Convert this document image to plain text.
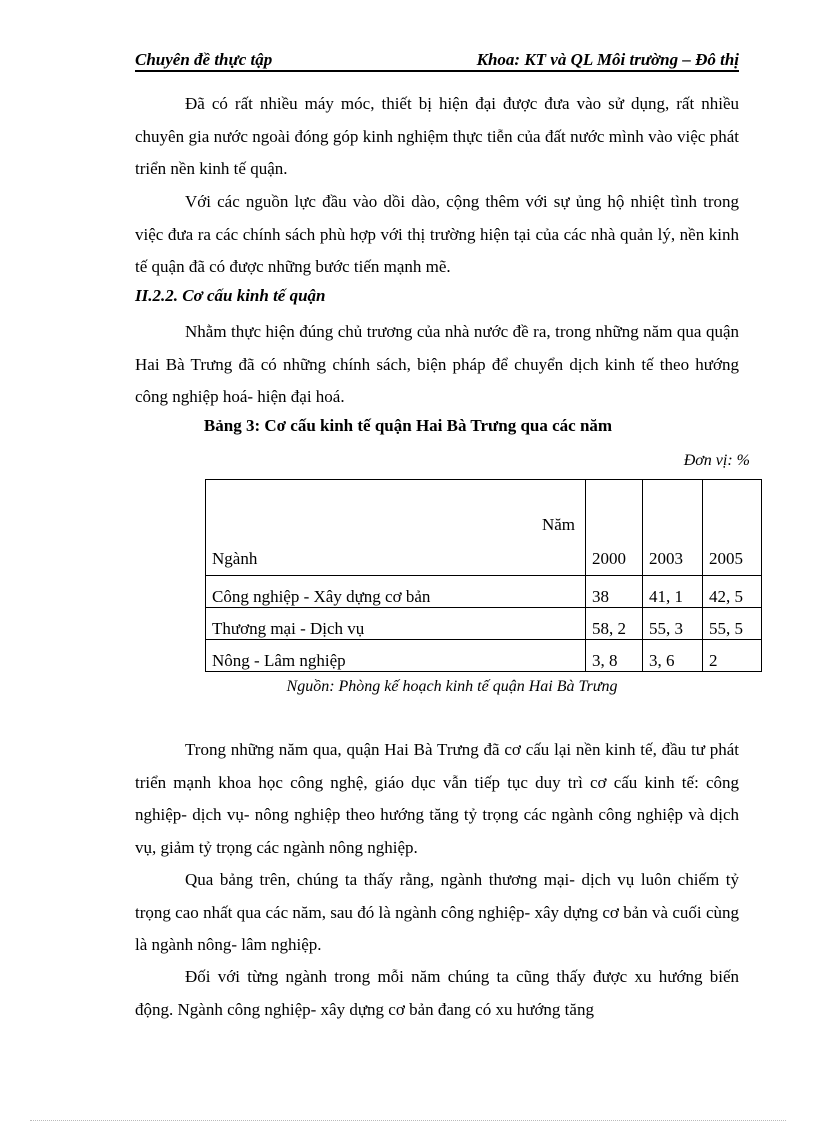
Chuyên đề thực tập	Khoa: KT và QL Môi trường – Đô thị

Đã có rất nhiều máy móc, thiết bị hiện đại được đưa vào sử dụng, rất nhiều chuyên gia nước ngoài đóng góp kinh nghiệm thực tiễn của đất nước mình vào việc phát triển nền kinh tế quận.

Với các nguồn lực đầu vào dồi dào, cộng thêm với sự ủng hộ nhiệt tình trong việc đưa ra các chính sách phù hợp với thị trường hiện tại của các nhà quản lý, nền kinh tế quận đã có được những bước tiến mạnh mẽ.

II.2.2. Cơ cấu kinh tế quận

Nhằm thực hiện đúng chủ trương của nhà nước đề ra, trong những năm qua quận Hai Bà Trưng đã có những chính sách, biện pháp để chuyển dịch kinh tế theo hướng công nghiệp hoá- hiện đại hoá.

Bảng 3: Cơ cấu kinh tế quận Hai Bà Trưng qua các năm

Đơn vị: %

Năm
Ngành	2000	2003	2005

Công nghiệp - Xây dựng cơ bản	38	41, 1	42, 5
Thương mại - Dịch vụ	58, 2	55, 3	55, 5
Nông - Lâm nghiệp	3, 8	3, 6	2

Nguồn: Phòng kế hoạch kinh tế quận Hai Bà Trưng

Trong những năm qua, quận Hai Bà Trưng đã cơ cấu lại nền kinh tế, đầu tư phát triển mạnh khoa học công nghệ, giáo dục vẫn tiếp tục duy trì cơ cấu kinh tế: công nghiệp- dịch vụ- nông nghiệp theo hướng tăng tỷ trọng các ngành công nghiệp và dịch vụ, giảm tỷ trọng các ngành nông nghiệp.

Qua bảng trên, chúng ta thấy rằng, ngành thương mại- dịch vụ luôn chiếm tỷ trọng cao nhất qua các năm, sau đó là ngành công nghiệp- xây dựng cơ bản và cuối cùng là ngành nông- lâm nghiệp.

Đối với từng ngành trong mỗi năm chúng ta cũng thấy được xu hướng biến động. Ngành công nghiệp- xây dựng cơ bản đang có xu hướng tăng
